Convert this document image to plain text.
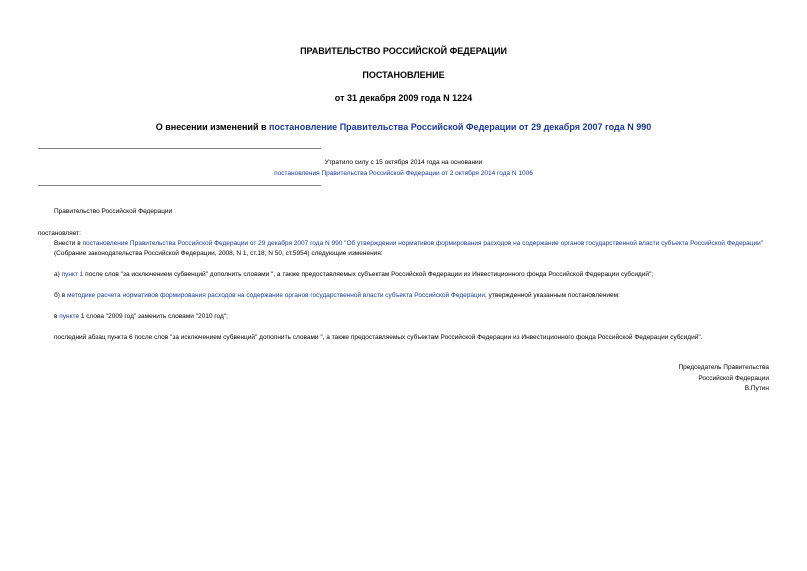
ПРАВИТЕЛЬСТВО РОССИЙСКОЙ ФЕДЕРАЦИИ
ПОСТАНОВЛЕНИЕ
от 31 декабря 2009 года N 1224
О внесении изменений в постановление Правительства Российской Федерации от 29 декабря 2007 года N 990
Утратило силу с 15 октября 2014 года на основании
постановления Правительства Российской Федерации от 2 октября 2014 года N 1006
Правительство Российской Федерации
постановляет:
Внести в постановление Правительства Российской Федерации от 29 декабря 2007 года N 990 "Об утверждении нормативов формирования расходов на содержание органов государственной власти субъекта Российской Федерации" (Собрание законодательства Российской Федерации, 2008, N 1, ст.18; N 50, ст.5954) следующие изменения:
а) пункт 1 после слов "за исключением субвенций" дополнить словами ", а также предоставляемых субъектам Российской Федерации из Инвестиционного фонда Российской Федерации субсидий";
б) в методике расчета нормативов формирования расходов на содержание органов государственной власти субъекта Российской Федерации, утвержденной указанным постановлением:
в пункте 1 слова "2009 год" заменить словами "2010 год";
последний абзац пункта 6 после слов "за исключением субвенций" дополнить словами ", а также предоставляемых субъектам Российской Федерации из Инвестиционного фонда Российской Федерации субсидий".
Председатель Правительства
Российской Федерации
В.Путин
